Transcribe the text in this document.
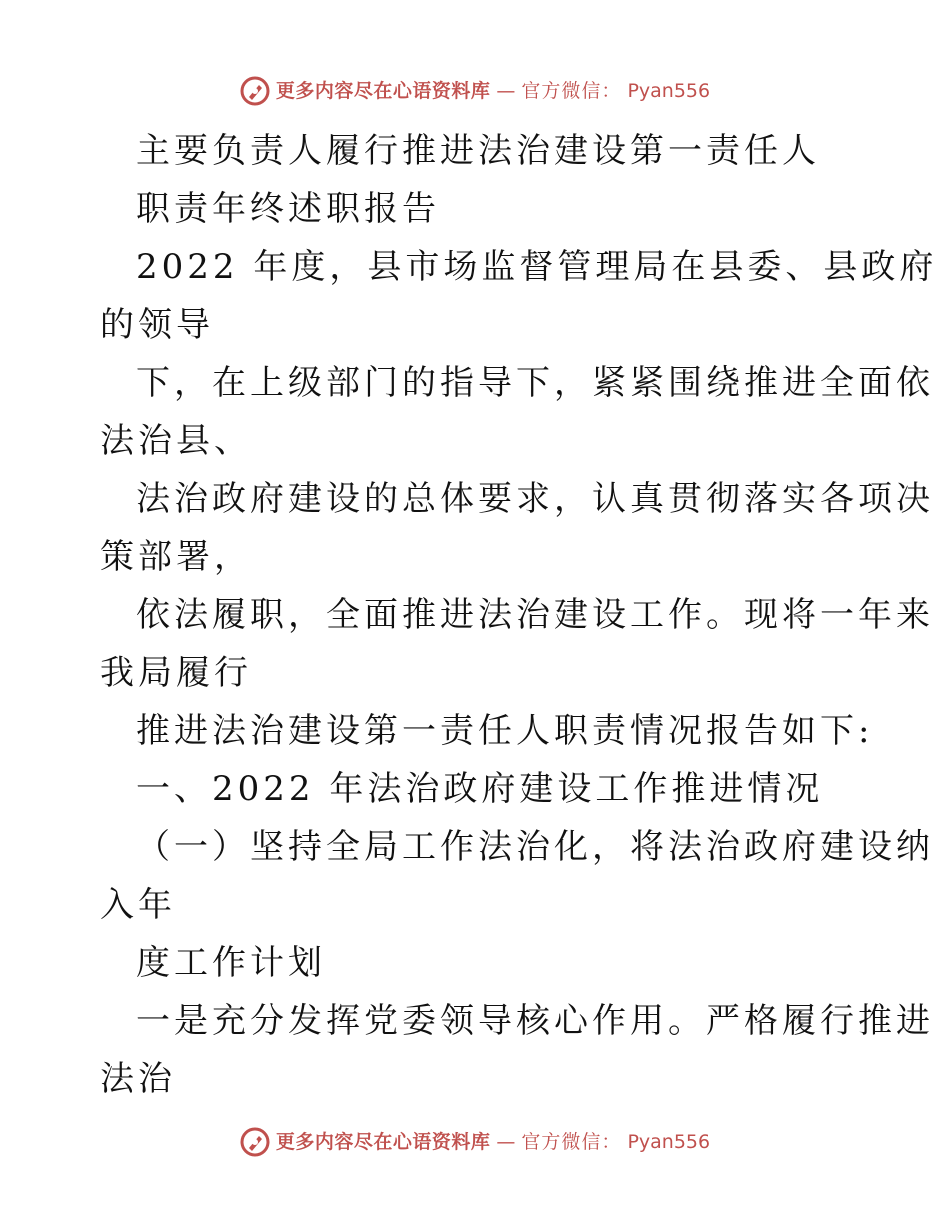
更多内容尽在心语资料库 — 官方微信： Pyan556
主要负责人履行推进法治建设第一责任人
职责年终述职报告
2022 年度，县市场监督管理局在县委、县政府
的领导
下，在上级部门的指导下，紧紧围绕推进全面依
法治县、
法治政府建设的总体要求，认真贯彻落实各项决
策部署，
依法履职，全面推进法治建设工作。现将一年来
我局履行
推进法治建设第一责任人职责情况报告如下:
一、2022 年法治政府建设工作推进情况
（一）坚持全局工作法治化，将法治政府建设纳
入年
度工作计划
一是充分发挥党委领导核心作用。严格履行推进
法治
更多内容尽在心语资料库 — 官方微信： Pyan556
